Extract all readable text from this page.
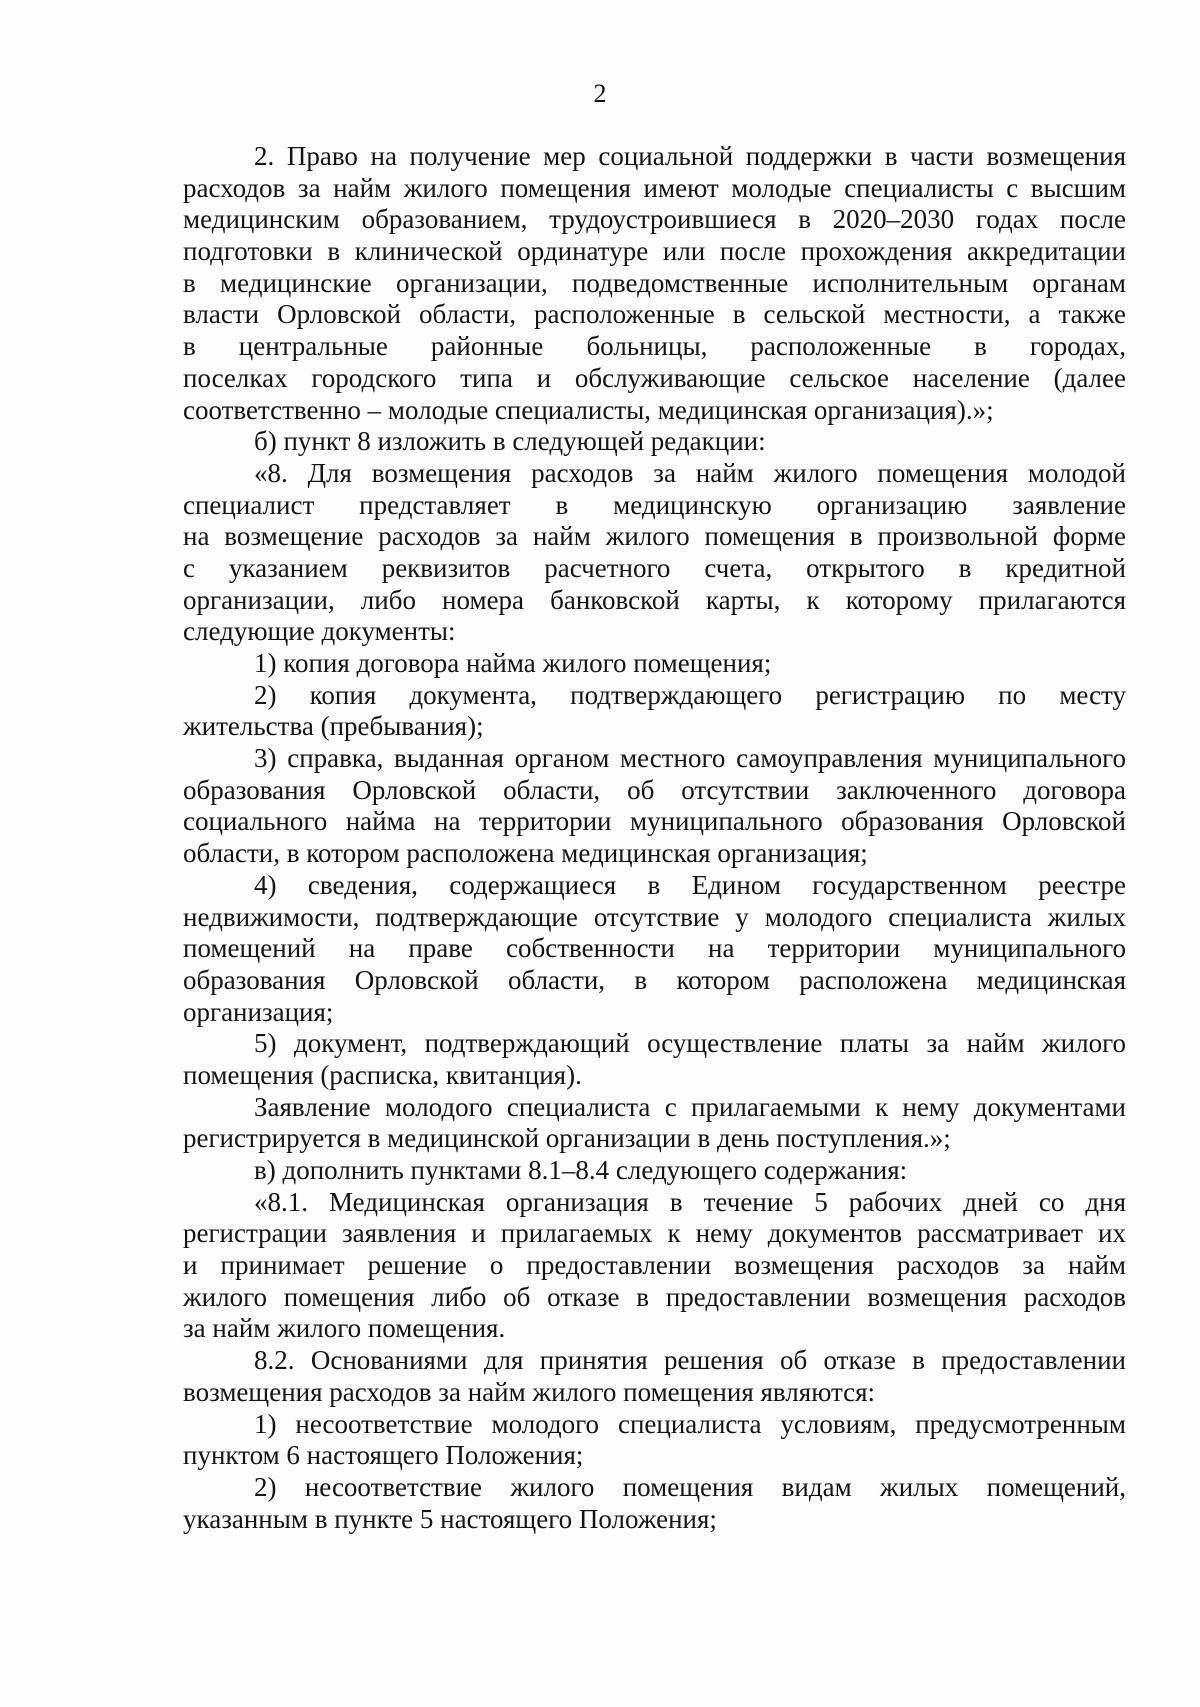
2
2. Право на получение мер социальной поддержки в части возмещения
расходов за найм жилого помещения имеют молодые специалисты с высшим
медицинским образованием, трудоустроившиеся в 2020–2030 годах после
подготовки в клинической ординатуре или после прохождения аккредитации
в медицинские организации, подведомственные исполнительным органам
власти Орловской области, расположенные в сельской местности, а также
в центральные районные больницы, расположенные в городах,
поселках городского типа и обслуживающие сельское население (далее
соответственно – молодые специалисты, медицинская организация).»;
б) пункт 8 изложить в следующей редакции:
«8. Для возмещения расходов за найм жилого помещения молодой
специалист представляет в медицинскую организацию заявление
на возмещение расходов за найм жилого помещения в произвольной форме
с указанием реквизитов расчетного счета, открытого в кредитной
организации, либо номера банковской карты, к которому прилагаются
следующие документы:
1) копия договора найма жилого помещения;
2) копия документа, подтверждающего регистрацию по месту
жительства (пребывания);
3) справка, выданная органом местного самоуправления муниципального
образования Орловской области, об отсутствии заключенного договора
социального найма на территории муниципального образования Орловской
области, в котором расположена медицинская организация;
4) сведения, содержащиеся в Едином государственном реестре
недвижимости, подтверждающие отсутствие у молодого специалиста жилых
помещений на праве собственности на территории муниципального
образования Орловской области, в котором расположена медицинская
организация;
5) документ, подтверждающий осуществление платы за найм жилого
помещения (расписка, квитанция).
Заявление молодого специалиста с прилагаемыми к нему документами
регистрируется в медицинской организации в день поступления.»;
в) дополнить пунктами 8.1–8.4 следующего содержания:
«8.1. Медицинская организация в течение 5 рабочих дней со дня
регистрации заявления и прилагаемых к нему документов рассматривает их
и принимает решение о предоставлении возмещения расходов за найм
жилого помещения либо об отказе в предоставлении возмещения расходов
за найм жилого помещения.
8.2. Основаниями для принятия решения об отказе в предоставлении
возмещения расходов за найм жилого помещения являются:
1) несоответствие молодого специалиста условиям, предусмотренным
пунктом 6 настоящего Положения;
2) несоответствие жилого помещения видам жилых помещений,
указанным в пункте 5 настоящего Положения;
